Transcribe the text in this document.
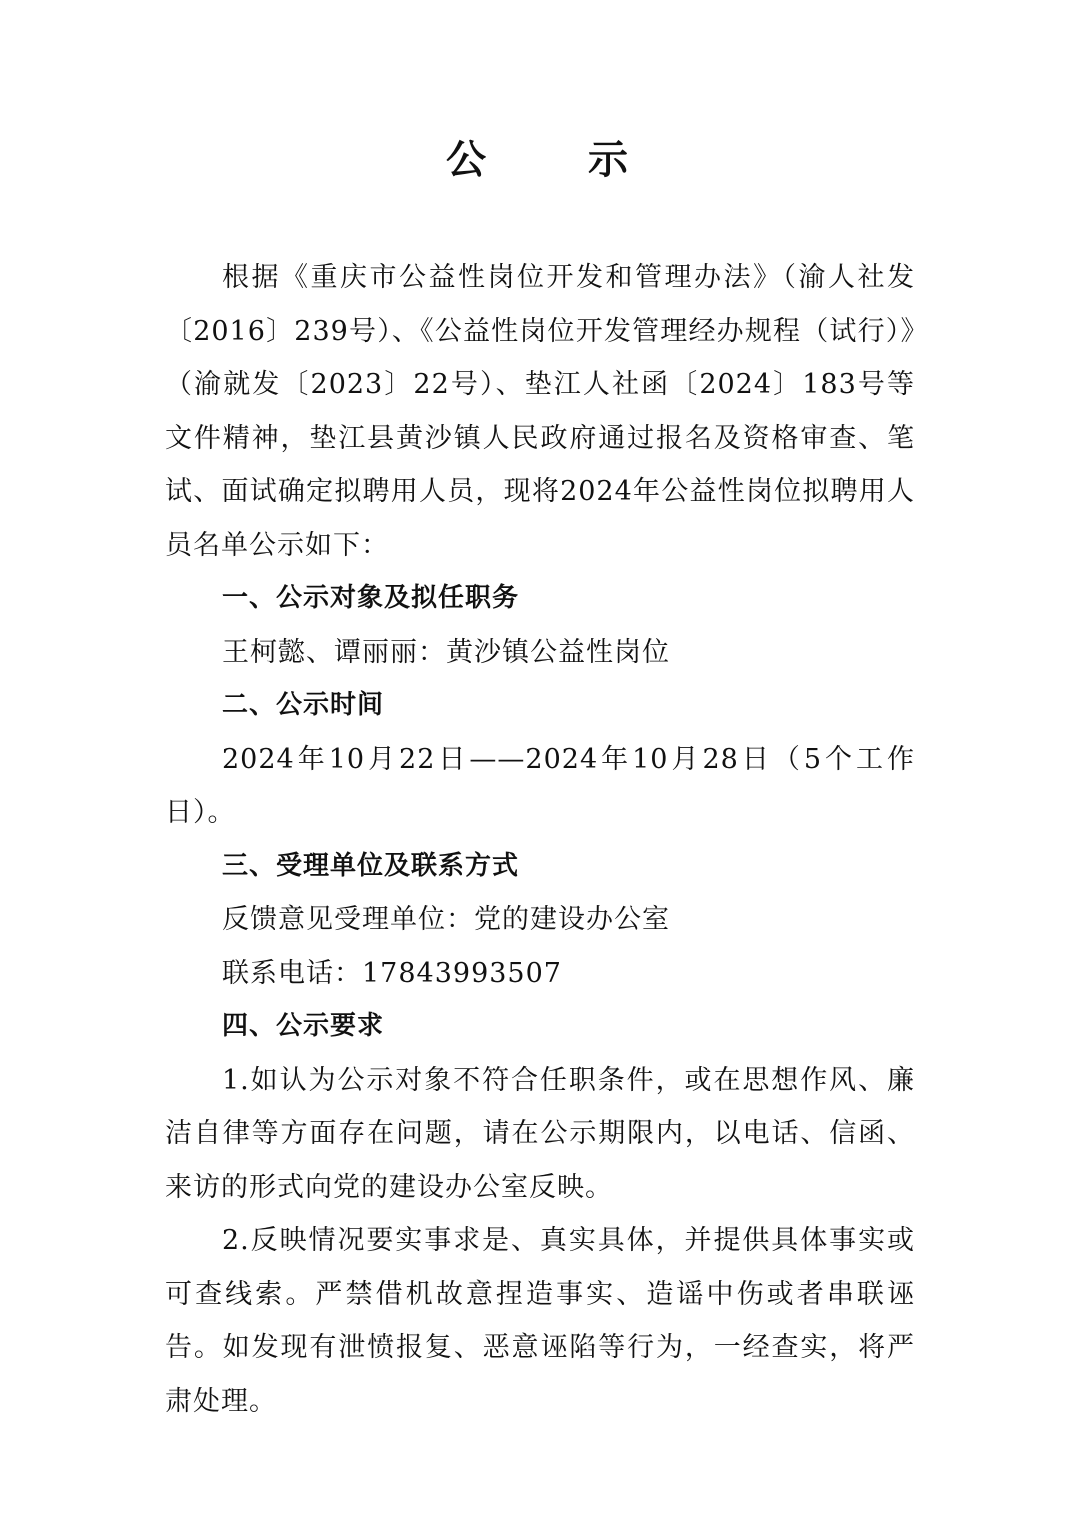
公 示

根据《重庆市公益性岗位开发和管理办法》（渝人社发〔2016〕239号）、《公益性岗位开发管理经办规程（试行）》（渝就发〔2023〕22号）、垫江人社函〔2024〕183号等文件精神，垫江县黄沙镇人民政府通过报名及资格审查、笔试、面试确定拟聘用人员，现将2024年公益性岗位拟聘用人员名单公示如下：

一、公示对象及拟任职务

王柯懿、谭丽丽：黄沙镇公益性岗位

二、公示时间

2024年10月22日——2024年10月28日（5个工作日）。

三、受理单位及联系方式

反馈意见受理单位：党的建设办公室

联系电话：17843993507

四、公示要求

1.如认为公示对象不符合任职条件，或在思想作风、廉洁自律等方面存在问题，请在公示期限内，以电话、信函、来访的形式向党的建设办公室反映。

2.反映情况要实事求是、真实具体，并提供具体事实或可查线索。严禁借机故意捏造事实、造谣中伤或者串联诬告。如发现有泄愤报复、恶意诬陷等行为，一经查实，将严肃处理。
